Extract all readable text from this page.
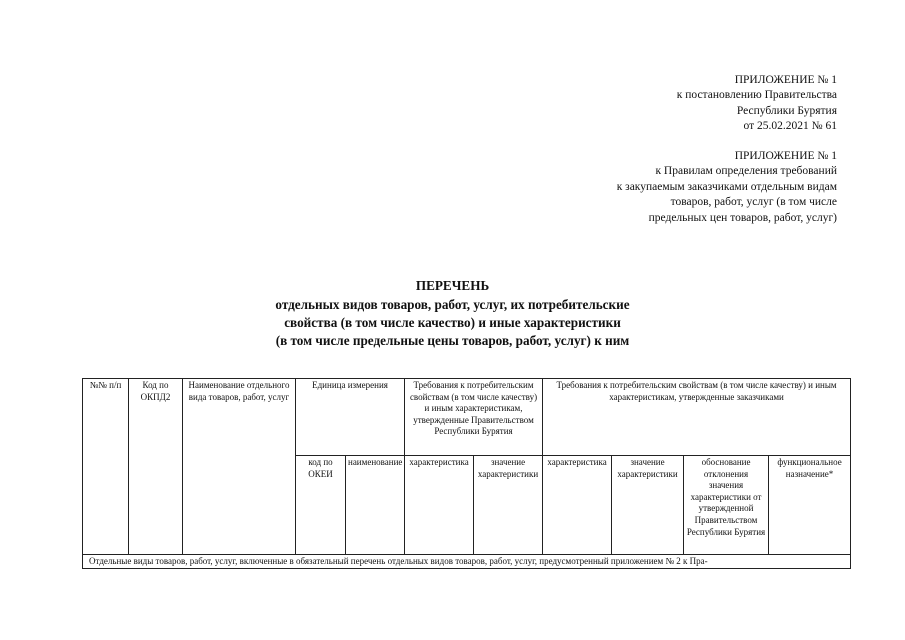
ПРИЛОЖЕНИЕ № 1
к постановлению Правительства
Республики Бурятия
от 25.02.2021 № 61
ПРИЛОЖЕНИЕ № 1
к Правилам определения требований
к закупаемым заказчиками отдельным видам
товаров, работ, услуг (в том числе
предельных цен товаров, работ, услуг)
ПЕРЕЧЕНЬ
отдельных видов товаров, работ, услуг, их потребительские
свойства (в том числе качество) и иные характеристики
(в том числе предельные цены товаров, работ, услуг) к ним
№№ п/п	Код по ОКПД2	Наименование отдельного вида товаров, работ, услуг	Единица измерения		Требования к потребительским свойствам (в том числе качеству) и иным характеристикам, утвержденные Правительством Республики Бурятия		Требования к потребительским свойствам (в том числе качеству) и иным характеристикам, утвержденные заказчиками			
			код по ОКЕИ	наименование	характеристика	значение характеристики	характеристика	значение характеристики	обоснование отклонения значения характеристики от утвержденной Правительством Республики Бурятия	функциональное назначение*
Отдельные виды товаров, работ, услуг, включенные в обязательный перечень отдельных видов товаров, работ, услуг, предусмотренный приложением № 2 к Пра-										
